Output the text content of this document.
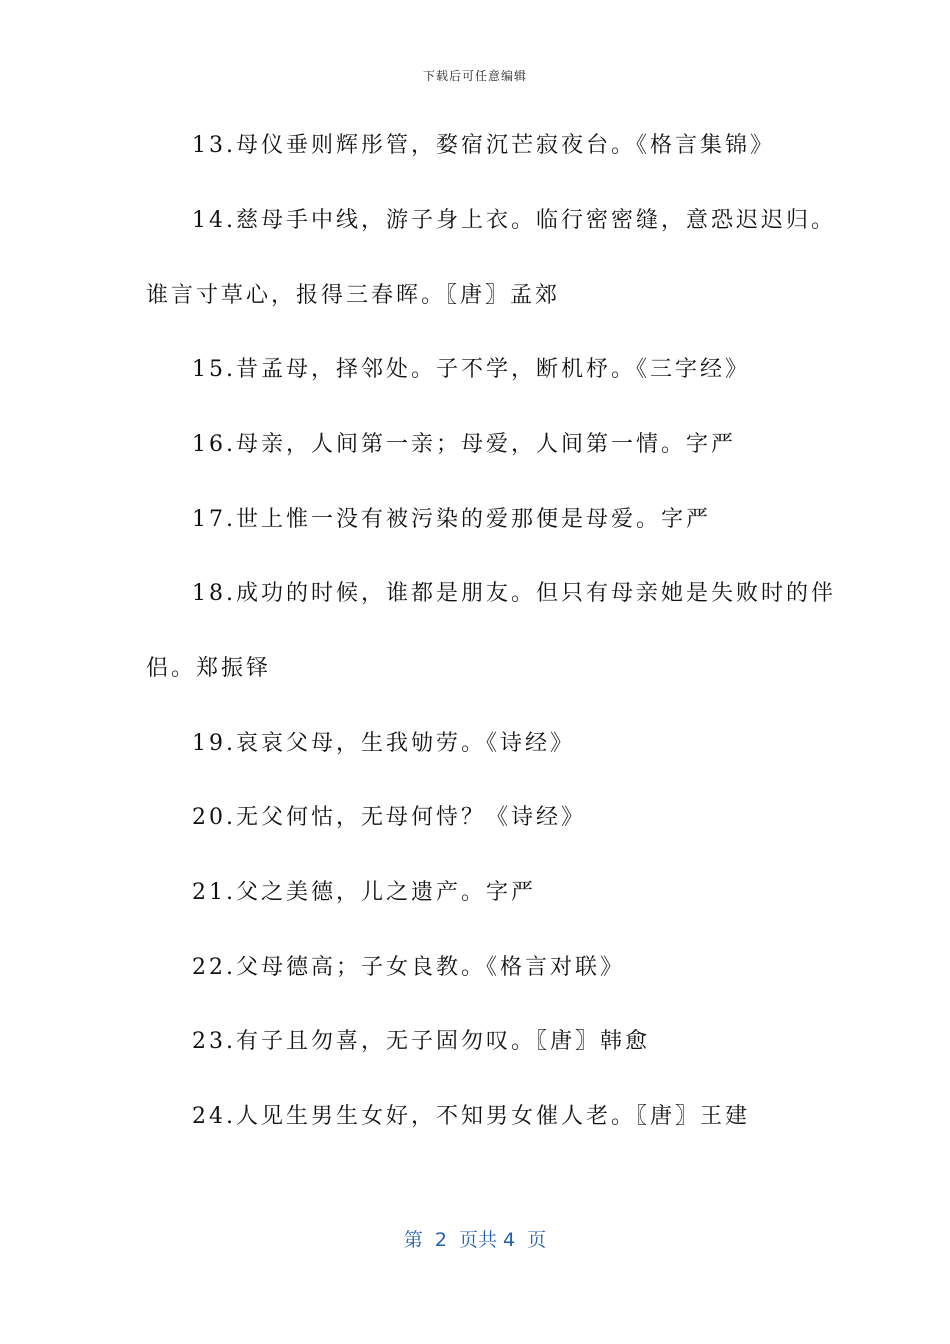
下载后可任意编辑
13.母仪垂则辉彤管，婺宿沉芒寂夜台。《格言集锦》
14.慈母手中线，游子身上衣。临行密密缝，意恐迟迟归。
谁言寸草心，报得三春晖。〖唐〗孟郊
15.昔孟母，择邻处。子不学，断机杼。《三字经》
16.母亲，人间第一亲；母爱，人间第一情。字严
17.世上惟一没有被污染的爱那便是母爱。字严
18.成功的时候，谁都是朋友。但只有母亲她是失败时的伴
侣。郑振铎
19.哀哀父母，生我劬劳。《诗经》
20.无父何怙，无母何恃？《诗经》
21.父之美德，儿之遗产。字严
22.父母德高；子女良教。《格言对联》
23.有子且勿喜，无子固勿叹。〖唐〗韩愈
24.人见生男生女好，不知男女催人老。〖唐〗王建
第  2  页共 4  页
